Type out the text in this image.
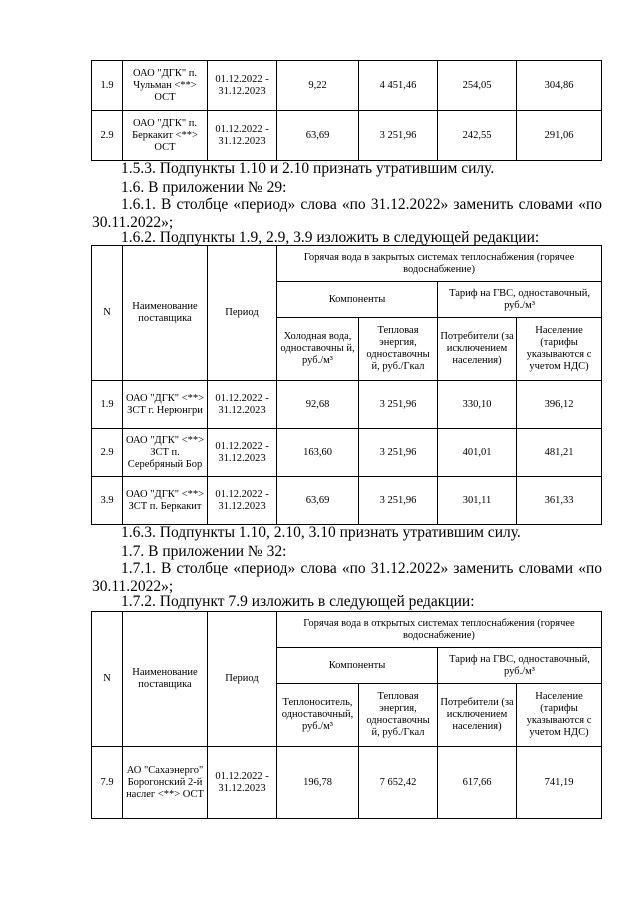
1.9	ОАО "ДГК" п. Чульман <**> ОСТ	01.12.2022 - 31.12.2023	9,22	4 451,46	254,05	304,86
2.9	ОАО "ДГК" п. Беркакит <**> ОСТ	01.12.2022 - 31.12.2023	63,69	3 251,96	242,55	291,06

1.5.3. Подпункты 1.10 и 2.10 признать утратившим силу.

1.6. В приложении № 29:

1.6.1. В столбце «период» слова «по 31.12.2022» заменить словами «по 30.11.2022»;

1.6.2. Подпункты 1.9, 2.9, 3.9 изложить в следующей редакции:

N	Наименование поставщика	Период	Горячая вода в закрытых системах теплоснабжения (горячее водоснабжение)			
			Компоненты		Тариф на ГВС, одноставочный, руб./м³	
			Холодная вода, одноставочны й, руб./м³	Тепловая энергия, одноставочны й, руб./Гкал	Потребители (за исключением населения)	Население (тарифы указываются с учетом НДС)
1.9	ОАО "ДГК" <**> ЗСТ г. Нерюнгри	01.12.2022 - 31.12.2023	92,68	3 251,96	330,10	396,12
2.9	ОАО "ДГК" <**> ЗСТ п. Серебряный Бор	01.12.2022 - 31.12.2023	163,60	3 251,96	401,01	481,21
3.9	ОАО "ДГК" <**> ЗСТ п. Беркакит	01.12.2022 - 31.12.2023	63,69	3 251,96	301,11	361,33

1.6.3. Подпункты 1.10, 2.10, 3.10 признать утратившим силу.

1.7. В приложении № 32:

1.7.1. В столбце «период» слова «по 31.12.2022» заменить словами «по 30.11.2022»;

1.7.2. Подпункт 7.9 изложить в следующей редакции:

N	Наименование поставщика	Период	Горячая вода в открытых системах теплоснабжения (горячее водоснабжение)			
			Компоненты		Тариф на ГВС, одноставочный, руб./м³	
			Теплоноситель, одноставочный, руб./м³	Тепловая энергия, одноставочны й, руб./Гкал	Потребители (за исключением населения)	Население (тарифы указываются с учетом НДС)
7.9	АО "Сахаэнерго" Борогонский 2-й наслег <**> ОСТ	01.12.2022 - 31.12.2023	196,78	7 652,42	617,66	741,19
